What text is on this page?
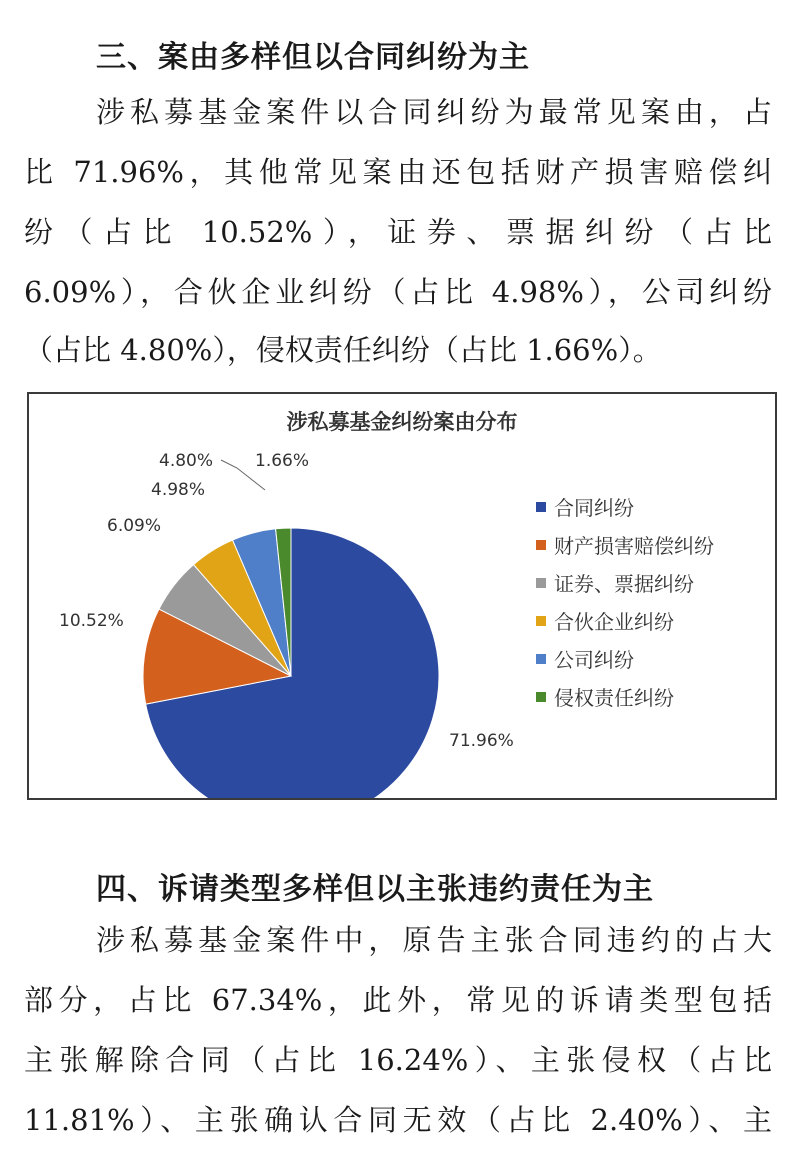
三、案由多样但以合同纠纷为主
涉私募基金案件以合同纠纷为最常见案由，占
比 71.96%，其他常见案由还包括财产损害赔偿纠
纷（占比 10.52%），证券、票据纠纷（占比
6.09%），合伙企业纠纷（占比 4.98%），公司纠纷
（占比 4.80%），侵权责任纠纷（占比 1.66%）。
71.96%
10.52%
6.09%
4.98%
4.80% 1.66%
涉私募基金纠纷案由分布
合同纠纷
财产损害赔偿纠纷
证券、票据纠纷
合伙企业纠纷
公司纠纷
侵权责任纠纷
四、诉请类型多样但以主张违约责任为主
涉私募基金案件中，原告主张合同违约的占大
部分，占比 67.34%，此外，常见的诉请类型包括
主张解除合同（占比 16.24%）、主张侵权（占比
11.81%）、主张确认合同无效（占比 2.40%）、主
